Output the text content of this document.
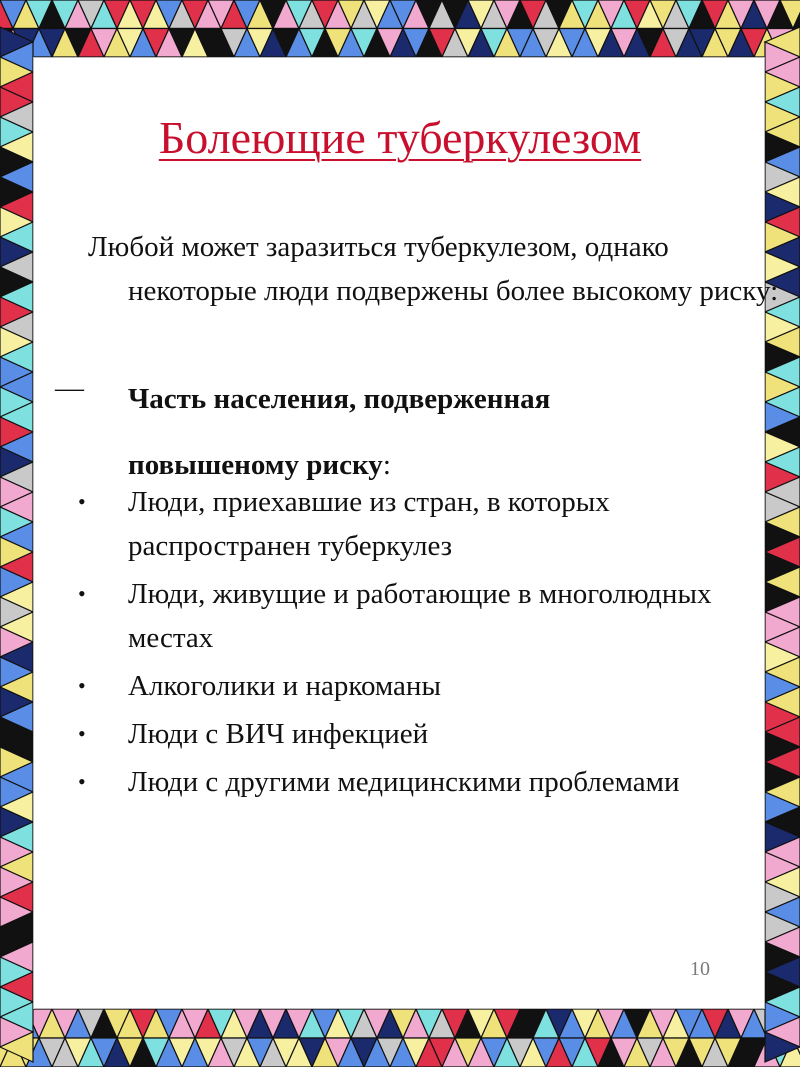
Болеющие туберкулезом
Любой может заразиться туберкулезом, однако некоторые люди подвержены более высокому риску:
—	Часть населения, подверженная повышеному риску:
• Люди, приехавшие из стран, в которых распространен туберкулез
• Люди, живущие и работающие в многолюдных местах
• Алкоголики и наркоманы
• Люди с ВИЧ инфекцией
• Люди с другими медицинскими проблемами
10
